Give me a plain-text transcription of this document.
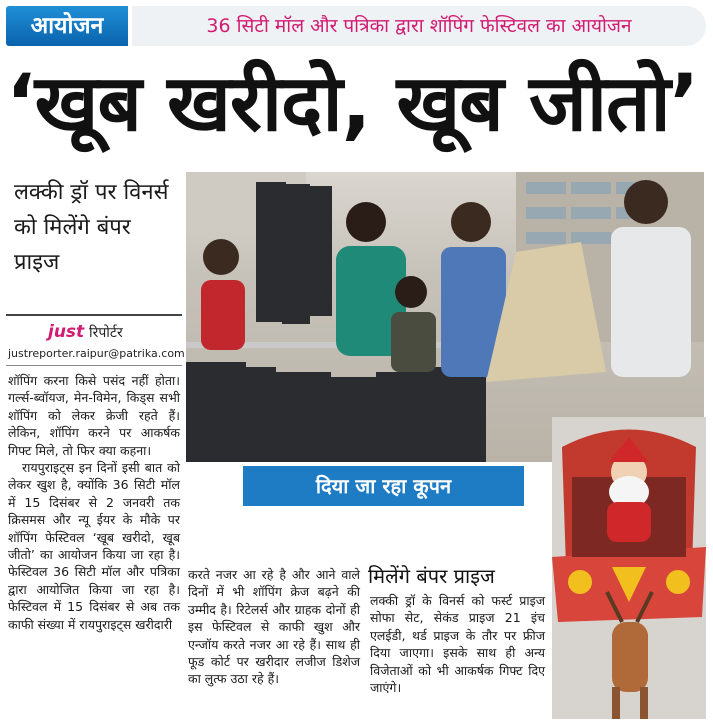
आयोजन	36 सिटी मॉल और पत्रिका द्वारा शॉपिंग फेस्टिवल का आयोजन
‘खूब खरीदो, खूब जीतो’
लक्की ड्रॉ पर विनर्स को मिलेंगे बंपर प्राइज
just रिपोर्टर
justreporter.raipur@patrika.com

शॉपिंग करना किसे पसंद नहीं होता। गर्ल्स-ब्वॉयज, मेन-विमेन, किड्स सभी शॉपिंग को लेकर क्रेजी रहते हैं। लेकिन, शॉपिंग करने पर आकर्षक गिफ्ट मिले, तो फिर क्या कहना।

रायपुराइट्स इन दिनों इसी बात को लेकर खुश है, क्योंकि 36 सिटी मॉल में 15 दिसंबर से 2 जनवरी तक क्रिसमस और न्यू ईयर के मौके पर शॉपिंग फेस्टिवल ‘खूब खरीदो, खूब जीतो’ का आयोजन किया जा रहा है। फेस्टिवल 36 सिटी मॉल और पत्रिका द्वारा आयोजित किया जा रहा है। फेस्टिवल में 15 दिसंबर से अब तक काफी संख्या में रायपुराइट्स खरीदारी

दिया जा रहा कूपन

करते नजर आ रहे है और आने वाले दिनों में भी शॉपिंग क्रेज बढ़ने की उम्मीद है। रिटेलर्स और ग्राहक दोनों ही इस फेस्टिवल से काफी खुश और एन्जॉय करते नजर आ रहे हैं। साथ ही फूड कोर्ट पर खरीदार लजीज डिशेज का लुत्फ उठा रहे हैं।

मिलेंगे बंपर प्राइज

लक्की ड्रॉ के विनर्स को फर्स्ट प्राइज सोफा सेट, सेकंड प्राइज 21 इंच एलईडी, थर्ड प्राइज के तौर पर फ्रीज दिया जाएगा। इसके साथ ही अन्य विजेताओं को भी आकर्षक गिफ्ट दिए जाएंगे।
